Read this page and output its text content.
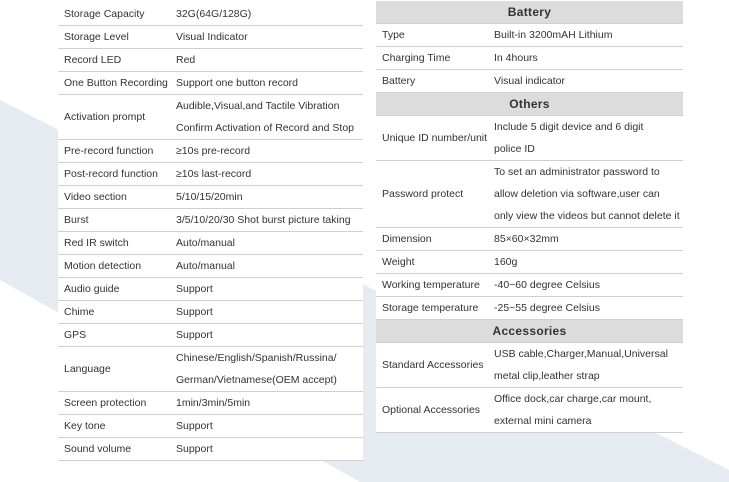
Storage Capacity	32G(64G/128G)

Storage Level	Visual Indicator

Record LED	Red

One Button Recording	Support one button record

Activation prompt	Audible,Visual,and Tactile Vibration
Confirm Activation of Record and Stop

Pre-record function	≥10s pre-record

Post-record function	≥10s last-record

Video section	5/10/15/20min

Burst	3/5/10/20/30 Shot burst picture taking

Red IR switch	Auto/manual

Motion detection	Auto/manual

Audio guide	Support

Chime	Support

GPS	Support

Language	Chinese/English/Spanish/Russina/
German/Vietnamese(OEM accept)

Screen protection	1min/3min/5min

Key tone	Support

Sound volume	Support
Battery	
Type	Built-in 3200mAH Lithium

Charging Time	In 4hours

Battery	Visual indicator

Others	
Unique ID number/unit	Include 5 digit device and 6 digit
police ID

Password protect	To set an administrator password to
allow deletion via software,user can
only view the videos but cannot delete it

Dimension	85×60×32mm

Weight	160g

Working temperature	-40~60 degree Celsius

Storage temperature	-25~55 degree Celsius

Accessories	
Standard Accessories	USB cable,Charger,Manual,Universal
metal clip,leather strap

Optional Accessories	Office dock,car charge,car mount,
external mini camera
